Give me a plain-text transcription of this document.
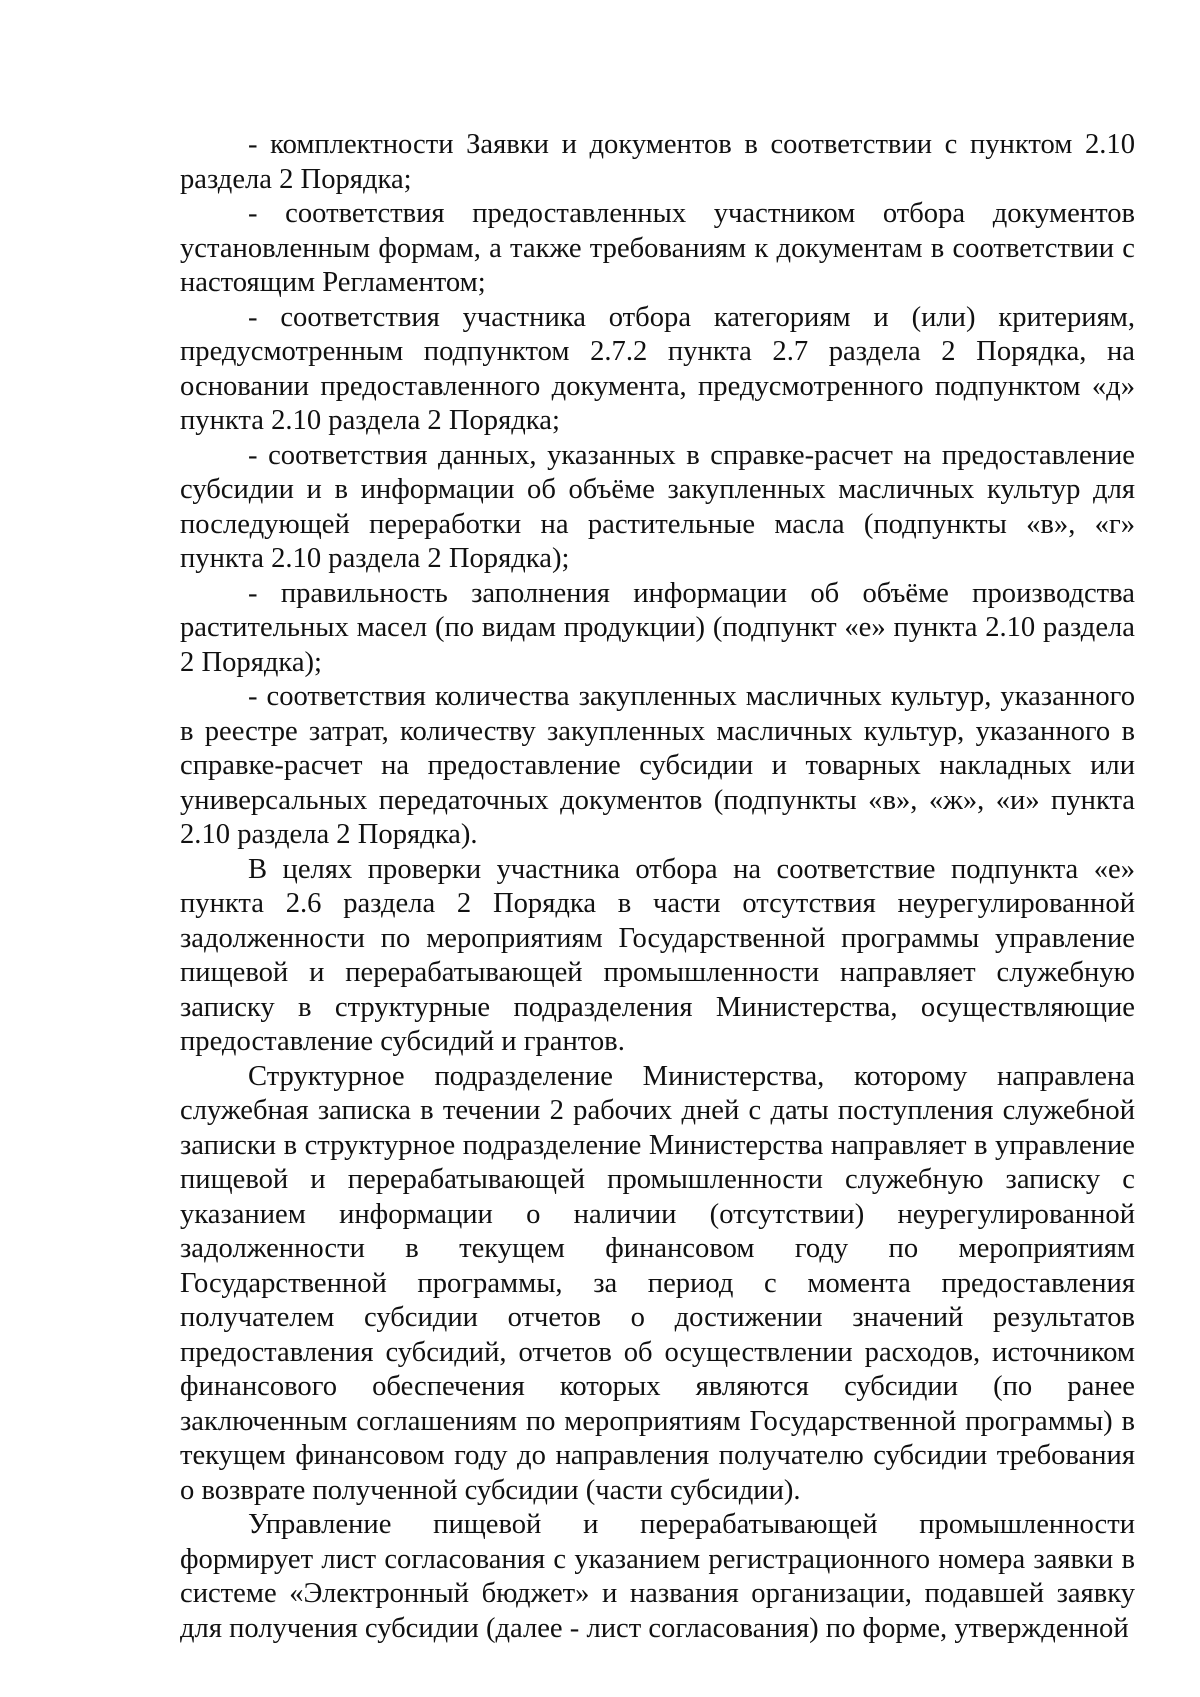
- комплектности Заявки и документов в соответствии с пунктом 2.10 раздела 2 Порядка;

- соответствия предоставленных участником отбора документов установленным формам, а также требованиям к документам в соответствии с настоящим Регламентом;

- соответствия участника отбора категориям и (или) критериям, предусмотренным подпунктом 2.7.2 пункта 2.7 раздела 2 Порядка, на основании предоставленного документа, предусмотренного подпунктом «д» пункта 2.10 раздела 2 Порядка;

- соответствия данных, указанных в справке-расчет на предоставление субсидии и в информации об объёме закупленных масличных культур для последующей переработки на растительные масла (подпункты «в», «г» пункта 2.10 раздела 2 Порядка);

- правильность заполнения информации об объёме производства растительных масел (по видам продукции) (подпункт «е» пункта 2.10 раздела 2 Порядка);

- соответствия количества закупленных масличных культур, указанного в реестре затрат, количеству закупленных масличных культур, указанного в справке-расчет на предоставление субсидии и товарных накладных или универсальных передаточных документов (подпункты «в», «ж», «и» пункта 2.10 раздела 2 Порядка).

В целях проверки участника отбора на соответствие подпункта «е» пункта 2.6 раздела 2 Порядка в части отсутствия неурегулированной задолженности по мероприятиям Государственной программы управление пищевой и перерабатывающей промышленности направляет служебную записку в структурные подразделения Министерства, осуществляющие предоставление субсидий и грантов.

Структурное подразделение Министерства, которому направлена служебная записка в течении 2 рабочих дней с даты поступления служебной записки в структурное подразделение Министерства направляет в управление пищевой и перерабатывающей промышленности служебную записку с указанием информации о наличии (отсутствии) неурегулированной задолженности в текущем финансовом году по мероприятиям Государственной программы, за период с момента предоставления получателем субсидии отчетов о достижении значений результатов предоставления субсидий, отчетов об осуществлении расходов, источником финансового обеспечения которых являются субсидии (по ранее заключенным соглашениям по мероприятиям Государственной программы) в текущем финансовом году до направления получателю субсидии требования о возврате полученной субсидии (части субсидии).

Управление пищевой и перерабатывающей промышленности формирует лист согласования с указанием регистрационного номера заявки в системе «Электронный бюджет» и названия организации, подавшей заявку для получения субсидии (далее - лист согласования) по форме, утвержденной
